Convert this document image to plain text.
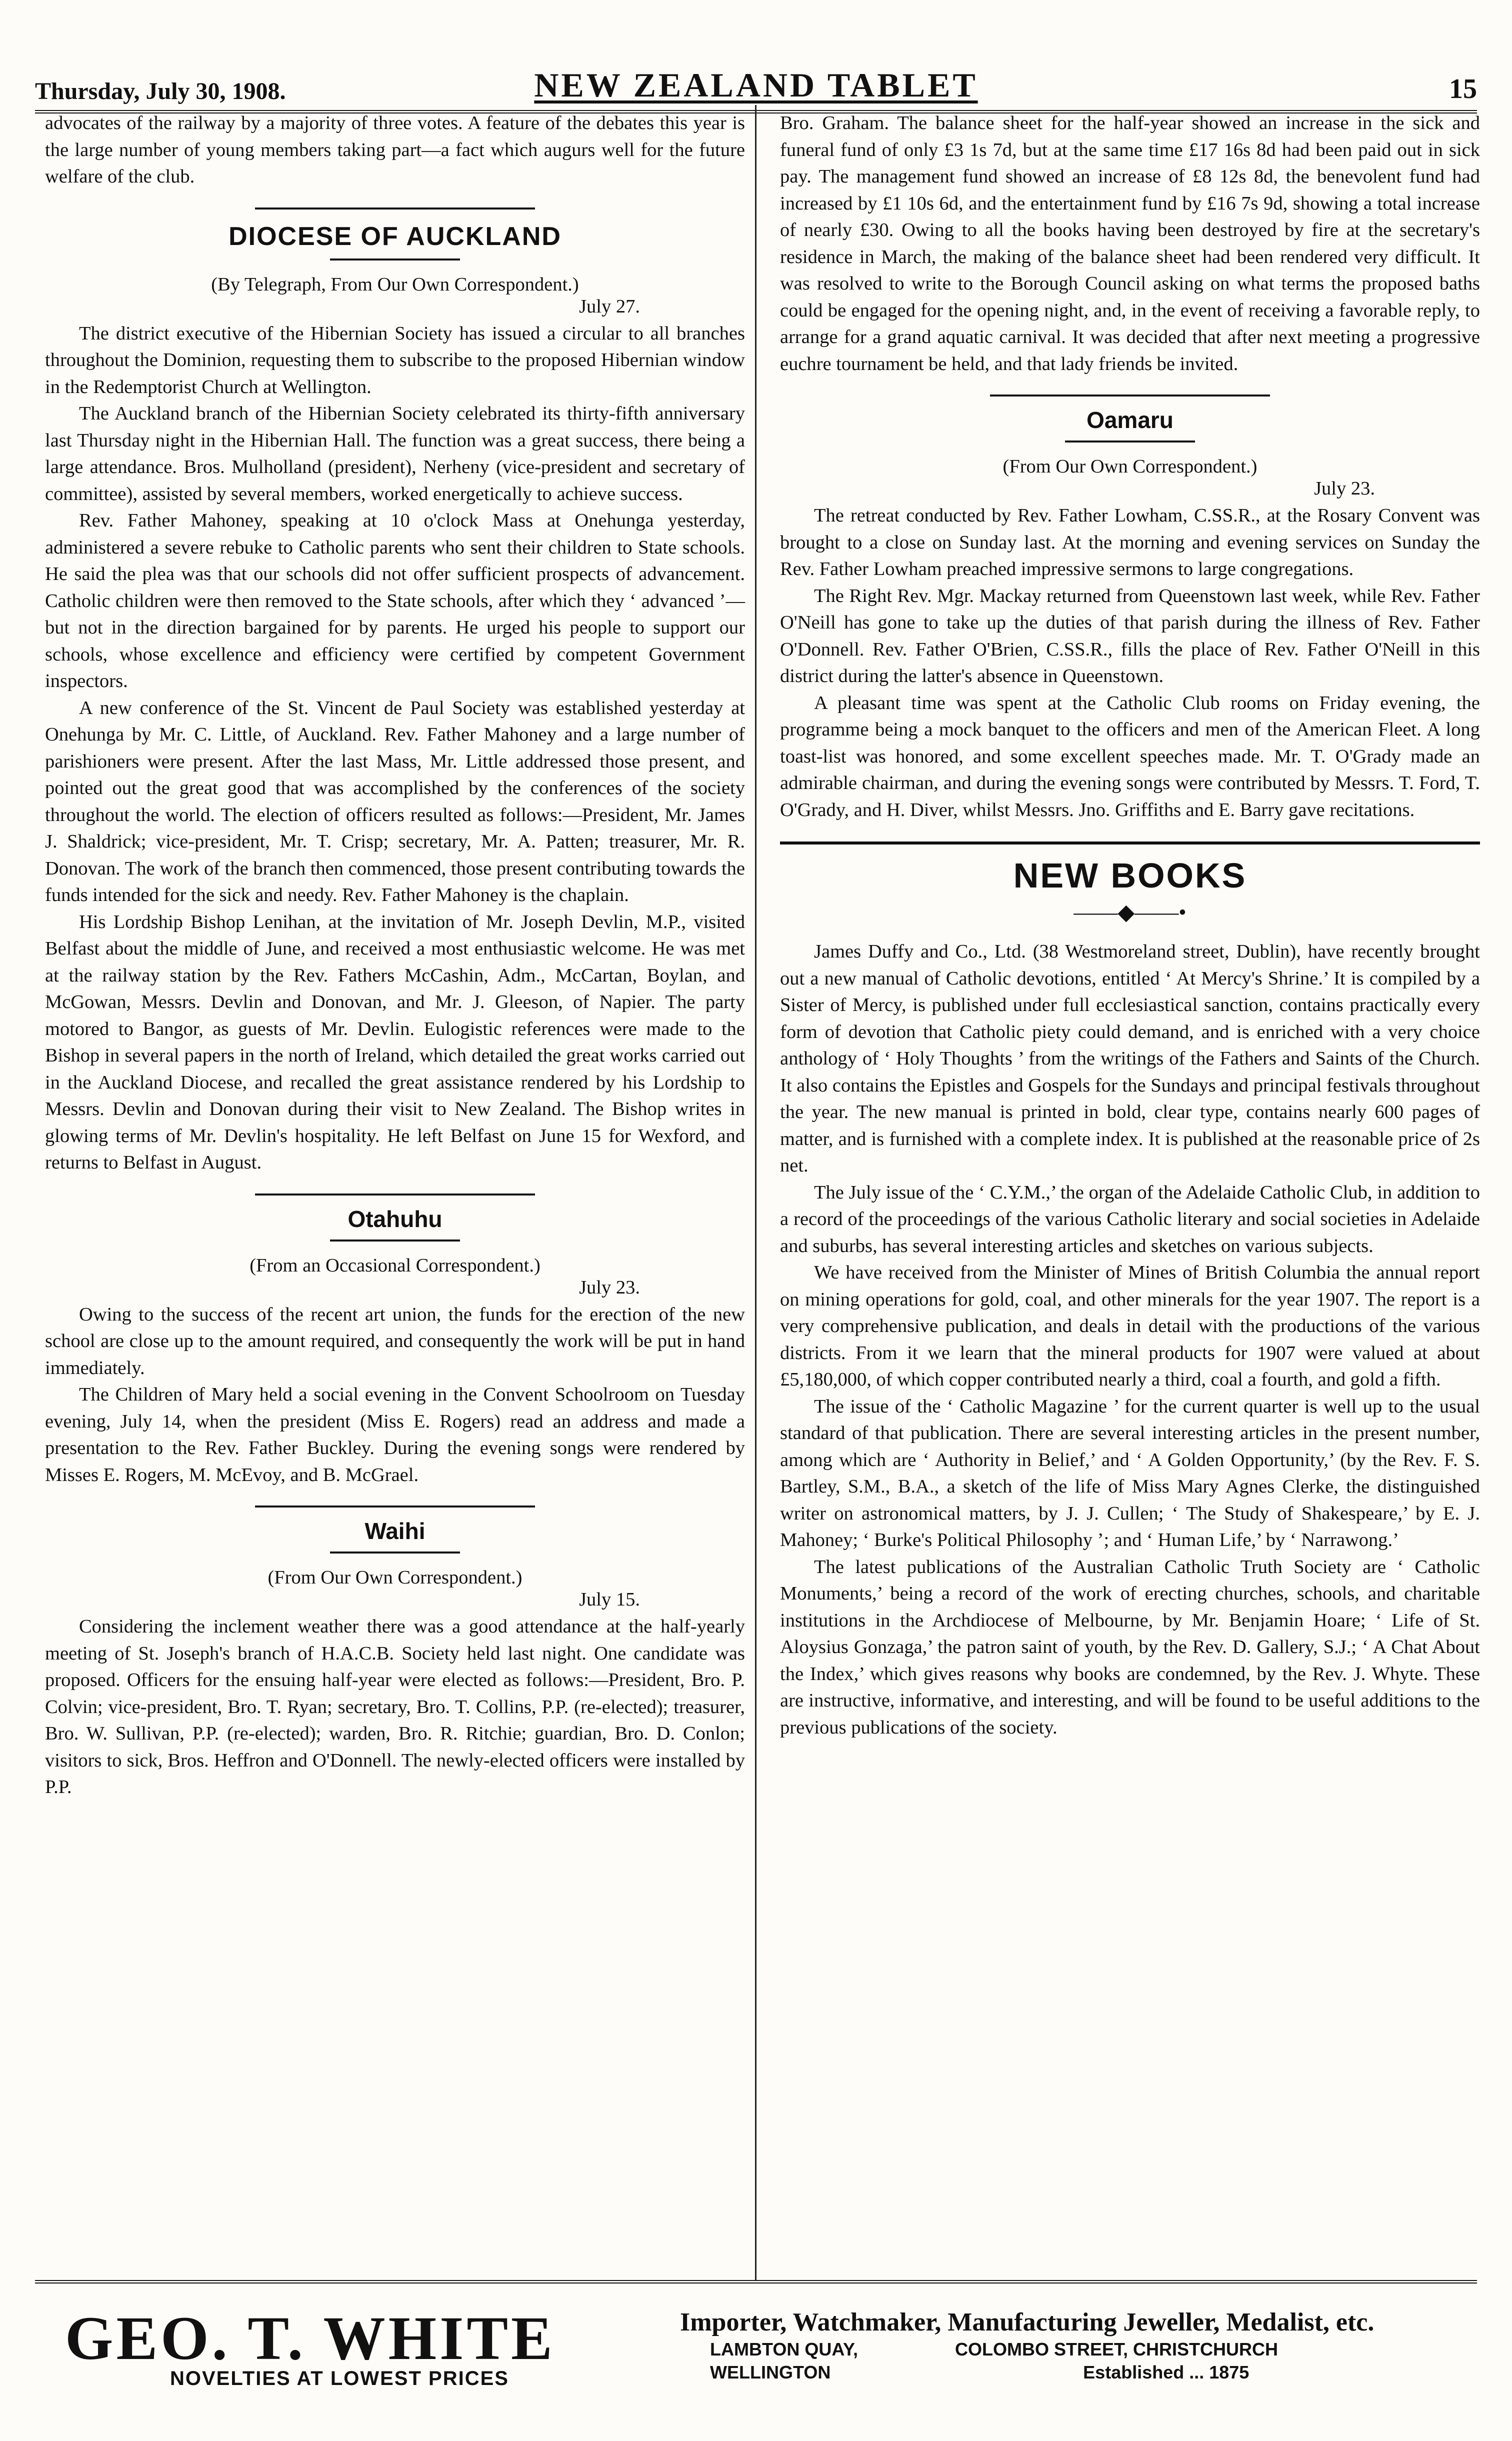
Thursday, July 30, 1908.	NEW ZEALAND TABLET	15

advocates of the railway by a majority of three votes. A feature of the debates this year is the large number of young members taking part—a fact which augurs well for the future welfare of the club.

DIOCESE OF AUCKLAND
(By Telegraph, From Our Own Correspondent.)
July 27.

The district executive of the Hibernian Society has issued a circular to all branches throughout the Dominion, requesting them to subscribe to the proposed Hibernian window in the Redemptorist Church at Wellington.

The Auckland branch of the Hibernian Society celebrated its thirty-fifth anniversary last Thursday night in the Hibernian Hall. The function was a great success, there being a large attendance. Bros. Mulholland (president), Nerheny (vice-president and secretary of committee), assisted by several members, worked energetically to achieve success.

Rev. Father Mahoney, speaking at 10 o'clock Mass at Onehunga yesterday, administered a severe rebuke to Catholic parents who sent their children to State schools. He said the plea was that our schools did not offer sufficient prospects of advancement. Catholic children were then removed to the State schools, after which they ‘ advanced ’—but not in the direction bargained for by parents. He urged his people to support our schools, whose excellence and efficiency were certified by competent Government inspectors.

A new conference of the St. Vincent de Paul Society was established yesterday at Onehunga by Mr. C. Little, of Auckland. Rev. Father Mahoney and a large number of parishioners were present. After the last Mass, Mr. Little addressed those present, and pointed out the great good that was accomplished by the conferences of the society throughout the world. The election of officers resulted as follows:—President, Mr. James J. Shaldrick; vice-president, Mr. T. Crisp; secretary, Mr. A. Patten; treasurer, Mr. R. Donovan. The work of the branch then commenced, those present contributing towards the funds intended for the sick and needy. Rev. Father Mahoney is the chaplain.

His Lordship Bishop Lenihan, at the invitation of Mr. Joseph Devlin, M.P., visited Belfast about the middle of June, and received a most enthusiastic welcome. He was met at the railway station by the Rev. Fathers McCashin, Adm., McCartan, Boylan, and McGowan, Messrs. Devlin and Donovan, and Mr. J. Gleeson, of Napier. The party motored to Bangor, as guests of Mr. Devlin. Eulogistic references were made to the Bishop in several papers in the north of Ireland, which detailed the great works carried out in the Auckland Diocese, and recalled the great assistance rendered by his Lordship to Messrs. Devlin and Donovan during their visit to New Zealand. The Bishop writes in glowing terms of Mr. Devlin's hospitality. He left Belfast on June 15 for Wexford, and returns to Belfast in August.

Otahuhu
(From an Occasional Correspondent.)
July 23.

Owing to the success of the recent art union, the funds for the erection of the new school are close up to the amount required, and consequently the work will be put in hand immediately.

The Children of Mary held a social evening in the Convent Schoolroom on Tuesday evening, July 14, when the president (Miss E. Rogers) read an address and made a presentation to the Rev. Father Buckley. During the evening songs were rendered by Misses E. Rogers, M. McEvoy, and B. McGrael.

Waihi
(From Our Own Correspondent.)
July 15.

Considering the inclement weather there was a good attendance at the half-yearly meeting of St. Joseph's branch of H.A.C.B. Society held last night. One candidate was proposed. Officers for the ensuing half-year were elected as follows:—President, Bro. P. Colvin; vice-president, Bro. T. Ryan; secretary, Bro. T. Collins, P.P. (re-elected); treasurer, Bro. W. Sullivan, P.P. (re-elected); warden, Bro. R. Ritchie; guardian, Bro. D. Conlon; visitors to sick, Bros. Heffron and O'Donnell. The newly-elected officers were installed by P.P.

Bro. Graham. The balance sheet for the half-year showed an increase in the sick and funeral fund of only £3 1s 7d, but at the same time £17 16s 8d had been paid out in sick pay. The management fund showed an increase of £8 12s 8d, the benevolent fund had increased by £1 10s 6d, and the entertainment fund by £16 7s 9d, showing a total increase of nearly £30. Owing to all the books having been destroyed by fire at the secretary's residence in March, the making of the balance sheet had been rendered very difficult. It was resolved to write to the Borough Council asking on what terms the proposed baths could be engaged for the opening night, and, in the event of receiving a favorable reply, to arrange for a grand aquatic carnival. It was decided that after next meeting a progressive euchre tournament be held, and that lady friends be invited.

Oamaru
(From Our Own Correspondent.)
July 23.

The retreat conducted by Rev. Father Lowham, C.SS.R., at the Rosary Convent was brought to a close on Sunday last. At the morning and evening services on Sunday the Rev. Father Lowham preached impressive sermons to large congregations.

The Right Rev. Mgr. Mackay returned from Queenstown last week, while Rev. Father O'Neill has gone to take up the duties of that parish during the illness of Rev. Father O'Donnell. Rev. Father O'Brien, C.SS.R., fills the place of Rev. Father O'Neill in this district during the latter's absence in Queenstown.

A pleasant time was spent at the Catholic Club rooms on Friday evening, the programme being a mock banquet to the officers and men of the American Fleet. A long toast-list was honored, and some excellent speeches made. Mr. T. O'Grady made an admirable chairman, and during the evening songs were contributed by Messrs. T. Ford, T. O'Grady, and H. Diver, whilst Messrs. Jno. Griffiths and E. Barry gave recitations.

NEW BOOKS
——◆——•

James Duffy and Co., Ltd. (38 Westmoreland street, Dublin), have recently brought out a new manual of Catholic devotions, entitled ‘ At Mercy's Shrine.’ It is compiled by a Sister of Mercy, is published under full ecclesiastical sanction, contains practically every form of devotion that Catholic piety could demand, and is enriched with a very choice anthology of ‘ Holy Thoughts ’ from the writings of the Fathers and Saints of the Church. It also contains the Epistles and Gospels for the Sundays and principal festivals throughout the year. The new manual is printed in bold, clear type, contains nearly 600 pages of matter, and is furnished with a complete index. It is published at the reasonable price of 2s net.

The July issue of the ‘ C.Y.M.,’ the organ of the Adelaide Catholic Club, in addition to a record of the proceedings of the various Catholic literary and social societies in Adelaide and suburbs, has several interesting articles and sketches on various subjects.

We have received from the Minister of Mines of British Columbia the annual report on mining operations for gold, coal, and other minerals for the year 1907. The report is a very comprehensive publication, and deals in detail with the productions of the various districts. From it we learn that the mineral products for 1907 were valued at about £5,180,000, of which copper contributed nearly a third, coal a fourth, and gold a fifth.

The issue of the ‘ Catholic Magazine ’ for the current quarter is well up to the usual standard of that publication. There are several interesting articles in the present number, among which are ‘ Authority in Belief,’ and ‘ A Golden Opportunity,’ (by the Rev. F. S. Bartley, S.M., B.A., a sketch of the life of Miss Mary Agnes Clerke, the distinguished writer on astronomical matters, by J. J. Cullen; ‘ The Study of Shakespeare,’ by E. J. Mahoney; ‘ Burke's Political Philosophy ’; and ‘ Human Life,’ by ‘ Narrawong.’

The latest publications of the Australian Catholic Truth Society are ‘ Catholic Monuments,’ being a record of the work of erecting churches, schools, and charitable institutions in the Archdiocese of Melbourne, by Mr. Benjamin Hoare; ‘ Life of St. Aloysius Gonzaga,’ the patron saint of youth, by the Rev. D. Gallery, S.J.; ‘ A Chat About the Index,’ which gives reasons why books are condemned, by the Rev. J. Whyte. These are instructive, informative, and interesting, and will be found to be useful additions to the previous publications of the society.

GEO. T. WHITE
NOVELTIES AT LOWEST PRICES
Importer, Watchmaker, Manufacturing Jeweller, Medalist, etc.
LAMBTON QUAY,	COLOMBO STREET, CHRISTCHURCH
WELLINGTON	Established ... 1875
